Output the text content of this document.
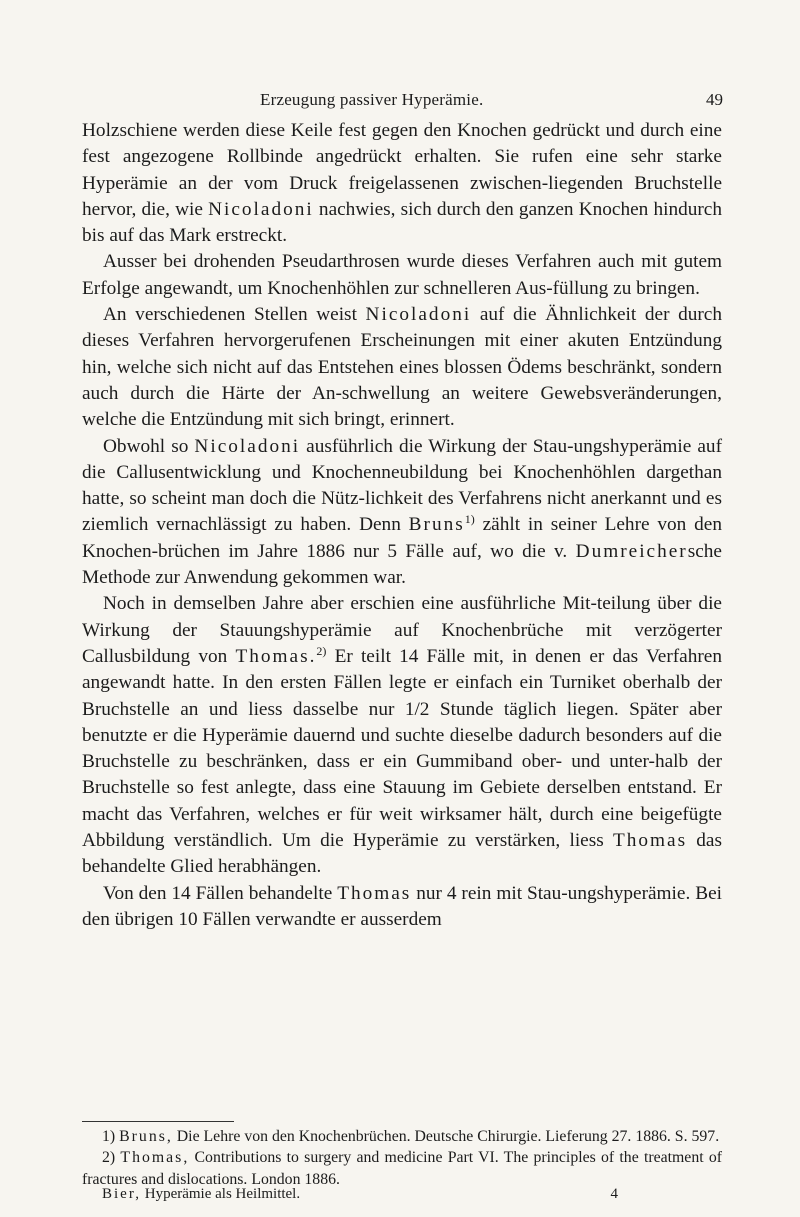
Erzeugung passiver Hyperämie.	49

Holzschiene werden diese Keile fest gegen den Knochen gedrückt und durch eine fest angezogene Rollbinde angedrückt erhalten. Sie rufen eine sehr starke Hyperämie an der vom Druck freigelassenen zwischen-liegenden Bruchstelle hervor, die, wie Nicoladoni nachwies, sich durch den ganzen Knochen hindurch bis auf das Mark erstreckt.

Ausser bei drohenden Pseudarthrosen wurde dieses Verfahren auch mit gutem Erfolge angewandt, um Knochenhöhlen zur schnelleren Aus-füllung zu bringen.

An verschiedenen Stellen weist Nicoladoni auf die Ähnlichkeit der durch dieses Verfahren hervorgerufenen Erscheinungen mit einer akuten Entzündung hin, welche sich nicht auf das Entstehen eines blossen Ödems beschränkt, sondern auch durch die Härte der An-schwellung an weitere Gewebsveränderungen, welche die Entzündung mit sich bringt, erinnert.

Obwohl so Nicoladoni ausführlich die Wirkung der Stau-ungshyperämie auf die Callusentwicklung und Knochenneubildung bei Knochenhöhlen dargethan hatte, so scheint man doch die Nütz-lichkeit des Verfahrens nicht anerkannt und es ziemlich vernachlässigt zu haben. Denn Bruns$^{1)}$ zählt in seiner Lehre von den Knochen-brüchen im Jahre 1886 nur 5 Fälle auf, wo die v. Dumreichersche Methode zur Anwendung gekommen war.

Noch in demselben Jahre aber erschien eine ausführliche Mit-teilung über die Wirkung der Stauungshyperämie auf Knochenbrüche mit verzögerter Callusbildung von Thomas.$^{2)}$ Er teilt 14 Fälle mit, in denen er das Verfahren angewandt hatte. In den ersten Fällen legte er einfach ein Turniket oberhalb der Bruchstelle an und liess dasselbe nur 1/2 Stunde täglich liegen. Später aber benutzte er die Hyperämie dauernd und suchte dieselbe dadurch besonders auf die Bruchstelle zu beschränken, dass er ein Gummiband ober- und unter-halb der Bruchstelle so fest anlegte, dass eine Stauung im Gebiete derselben entstand. Er macht das Verfahren, welches er für weit wirksamer hält, durch eine beigefügte Abbildung verständlich. Um die Hyperämie zu verstärken, liess Thomas das behandelte Glied herabhängen.

Von den 14 Fällen behandelte Thomas nur 4 rein mit Stau-ungshyperämie. Bei den übrigen 10 Fällen verwandte er ausserdem

1) Bruns, Die Lehre von den Knochenbrüchen. Deutsche Chirurgie. Lieferung 27. 1886. S. 597.

2) Thomas, Contributions to surgery and medicine Part VI. The principles of the treatment of fractures and dislocations. London 1886.

Bier, Hyperämie als Heilmittel.	4
